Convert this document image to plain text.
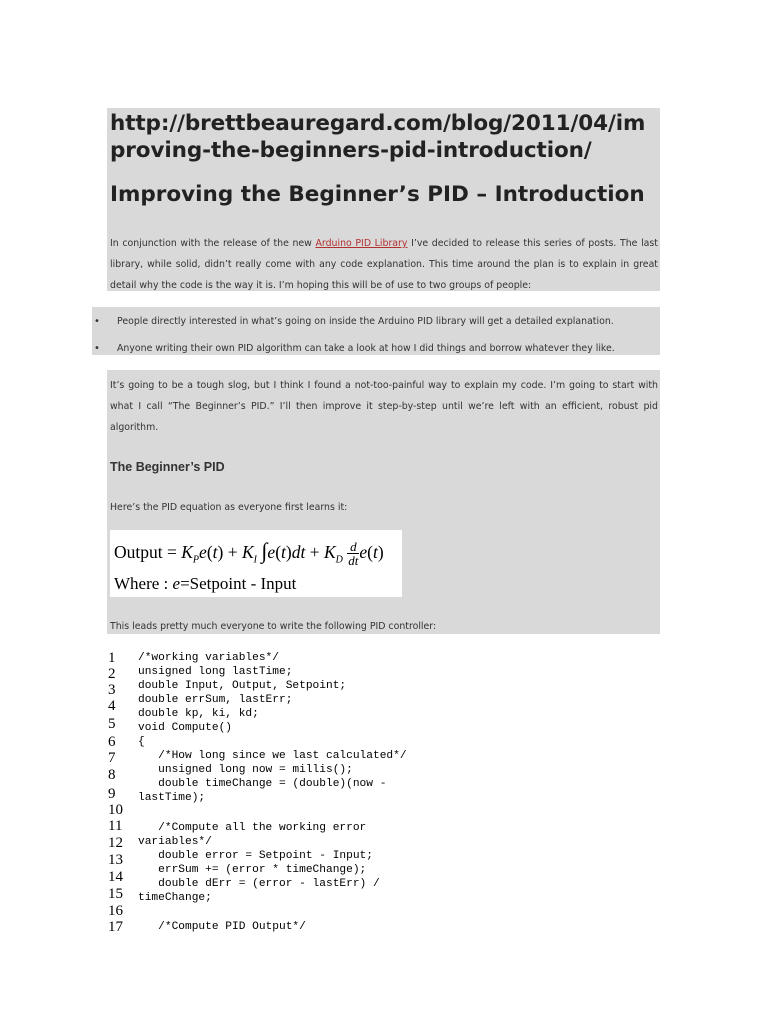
http://brettbeauregard.com/blog/2011/04/improving-the-beginners-pid-introduction/
Improving the Beginner’s PID – Introduction
In conjunction with the release of the new Arduino PID Library I’ve decided to release this series of posts. The last library, while solid, didn’t really come with any code explanation. This time around the plan is to explain in great detail why the code is the way it is. I’m hoping this will be of use to two groups of people:
• People directly interested in what’s going on inside the Arduino PID library will get a detailed explanation.
• Anyone writing their own PID algorithm can take a look at how I did things and borrow whatever they like.
It’s going to be a tough slog, but I think I found a not-too-painful way to explain my code. I’m going to start with what I call “The Beginner’s PID.” I’ll then improve it step-by-step until we’re left with an efficient, robust pid algorithm.
The Beginner’s PID
Here’s the PID equation as everyone first learns it:
Output = $K_Pe(t) + K_I$ $\int e(t)dt + K_D \frac{d}{dt}e(t)$
Where : e=Setpoint - Input
This leads pretty much everyone to write the following PID controller:
1
2
3
4
5
6
7
8
9
10
11
12
13
14
15
16
17
/*working variables*/
unsigned long lastTime;
double Input, Output, Setpoint;
double errSum, lastErr;
double kp, ki, kd;
void Compute()
{
/*How long since we last calculated*/
unsigned long now = millis();
double timeChange = (double)(now -
lastTime);
/*Compute all the working error
variables*/
double error = Setpoint - Input;
errSum += (error * timeChange);
double dErr = (error - lastErr) /
timeChange;
/*Compute PID Output*/
